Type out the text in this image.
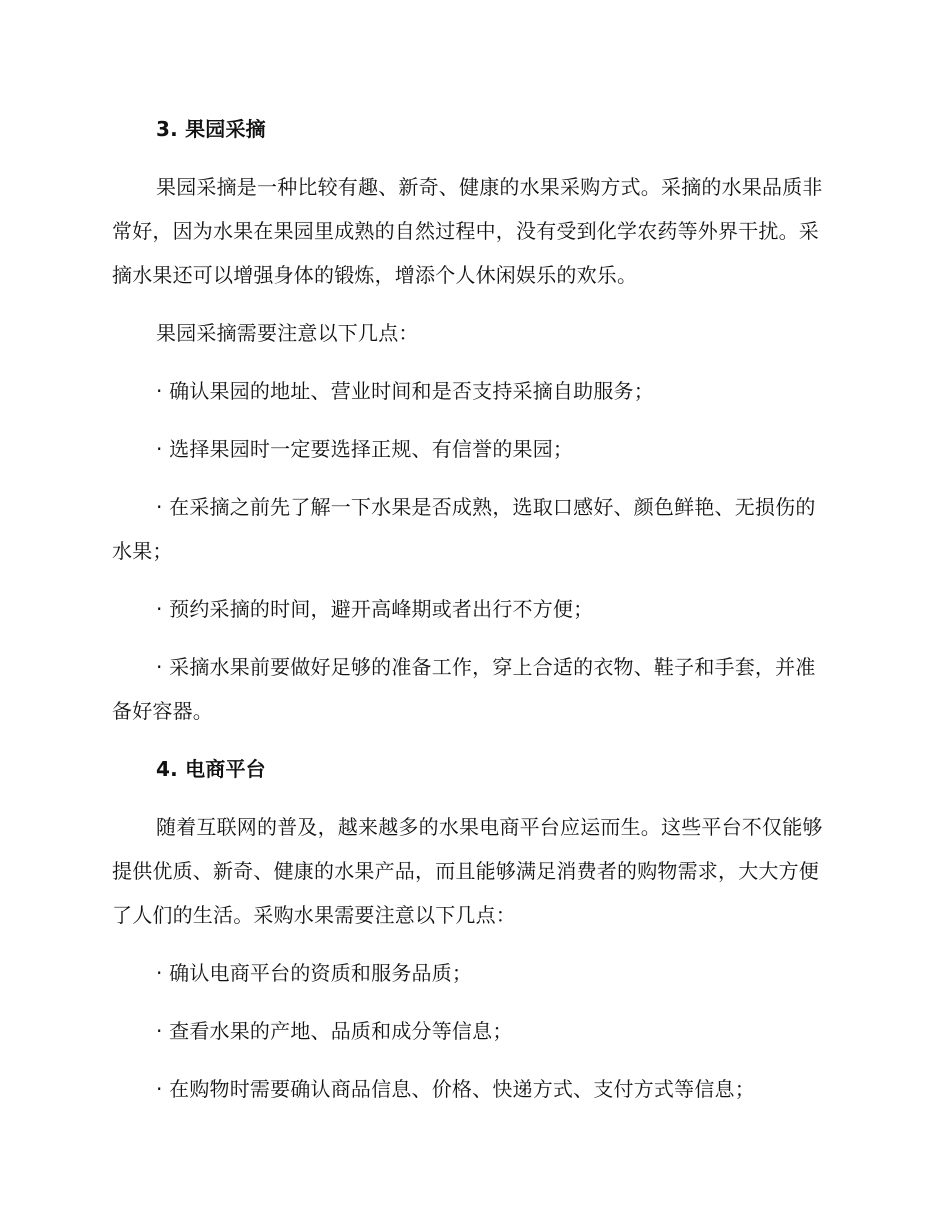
3. 果园采摘

果园采摘是一种比较有趣、新奇、健康的水果采购方式。采摘的水果品质非常好，因为水果在果园里成熟的自然过程中，没有受到化学农药等外界干扰。采摘水果还可以增强身体的锻炼，增添个人休闲娱乐的欢乐。

果园采摘需要注意以下几点：

· 确认果园的地址、营业时间和是否支持采摘自助服务；

· 选择果园时一定要选择正规、有信誉的果园；

· 在采摘之前先了解一下水果是否成熟，选取口感好、颜色鲜艳、无损伤的水果；

· 预约采摘的时间，避开高峰期或者出行不方便；

· 采摘水果前要做好足够的准备工作，穿上合适的衣物、鞋子和手套，并准备好容器。

4. 电商平台

随着互联网的普及，越来越多的水果电商平台应运而生。这些平台不仅能够提供优质、新奇、健康的水果产品，而且能够满足消费者的购物需求，大大方便了人们的生活。采购水果需要注意以下几点：

· 确认电商平台的资质和服务品质；

· 查看水果的产地、品质和成分等信息；

· 在购物时需要确认商品信息、价格、快递方式、支付方式等信息；
